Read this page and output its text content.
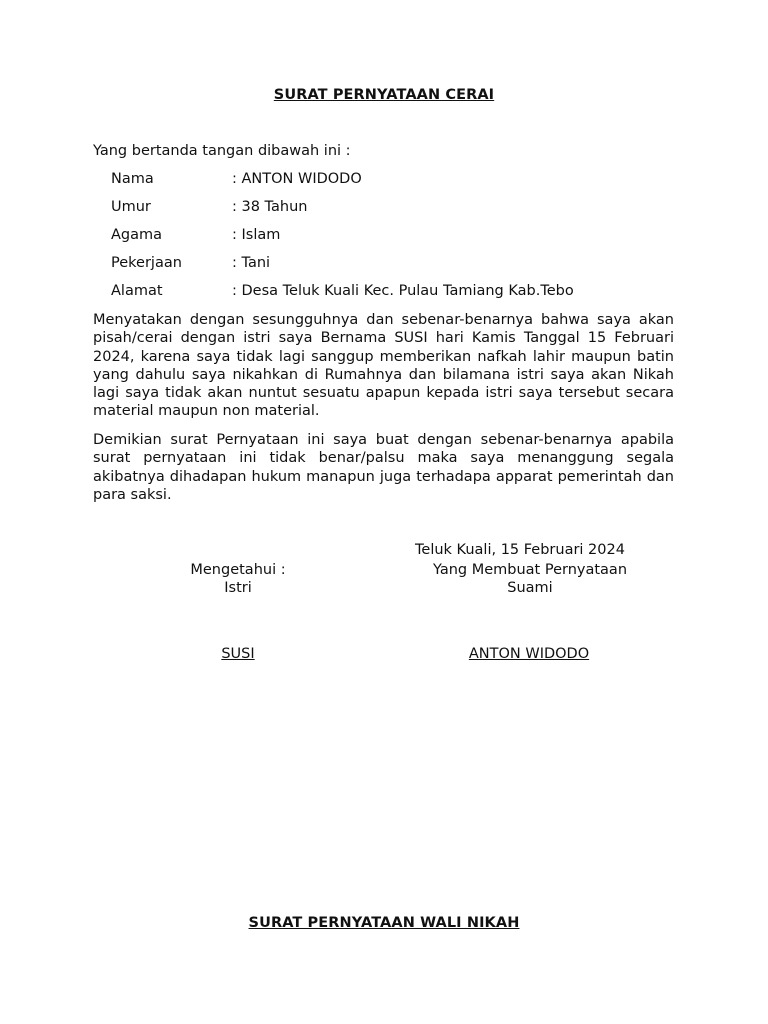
SURAT PERNYATAAN CERAI
Yang bertanda tangan dibawah ini :
Nama	: ANTON WIDODO
Umur	: 38 Tahun
Agama	: Islam
Pekerjaan	: Tani
Alamat	: Desa Teluk Kuali Kec. Pulau Tamiang Kab.Tebo

Menyatakan dengan sesungguhnya dan sebenar-benarnya bahwa saya akan pisah/cerai dengan istri saya Bernama SUSI hari Kamis Tanggal 15 Februari 2024, karena saya tidak lagi sanggup memberikan nafkah lahir maupun batin yang dahulu saya nikahkan di Rumahnya dan bilamana istri saya akan Nikah lagi saya tidak akan nuntut sesuatu apapun kepada istri saya tersebut secara material maupun non material.

Demikian surat Pernyataan ini saya buat dengan sebenar-benarnya apabila surat pernyataan ini tidak benar/palsu maka saya menanggung segala akibatnya dihadapan hukum manapun juga terhadapa apparat pemerintah dan para saksi.

Teluk Kuali, 15 Februari 2024
Mengetahui :
Istri
Yang Membuat Pernyataan
Suami
SUSI	ANTON WIDODO
SURAT PERNYATAAN WALI NIKAH
